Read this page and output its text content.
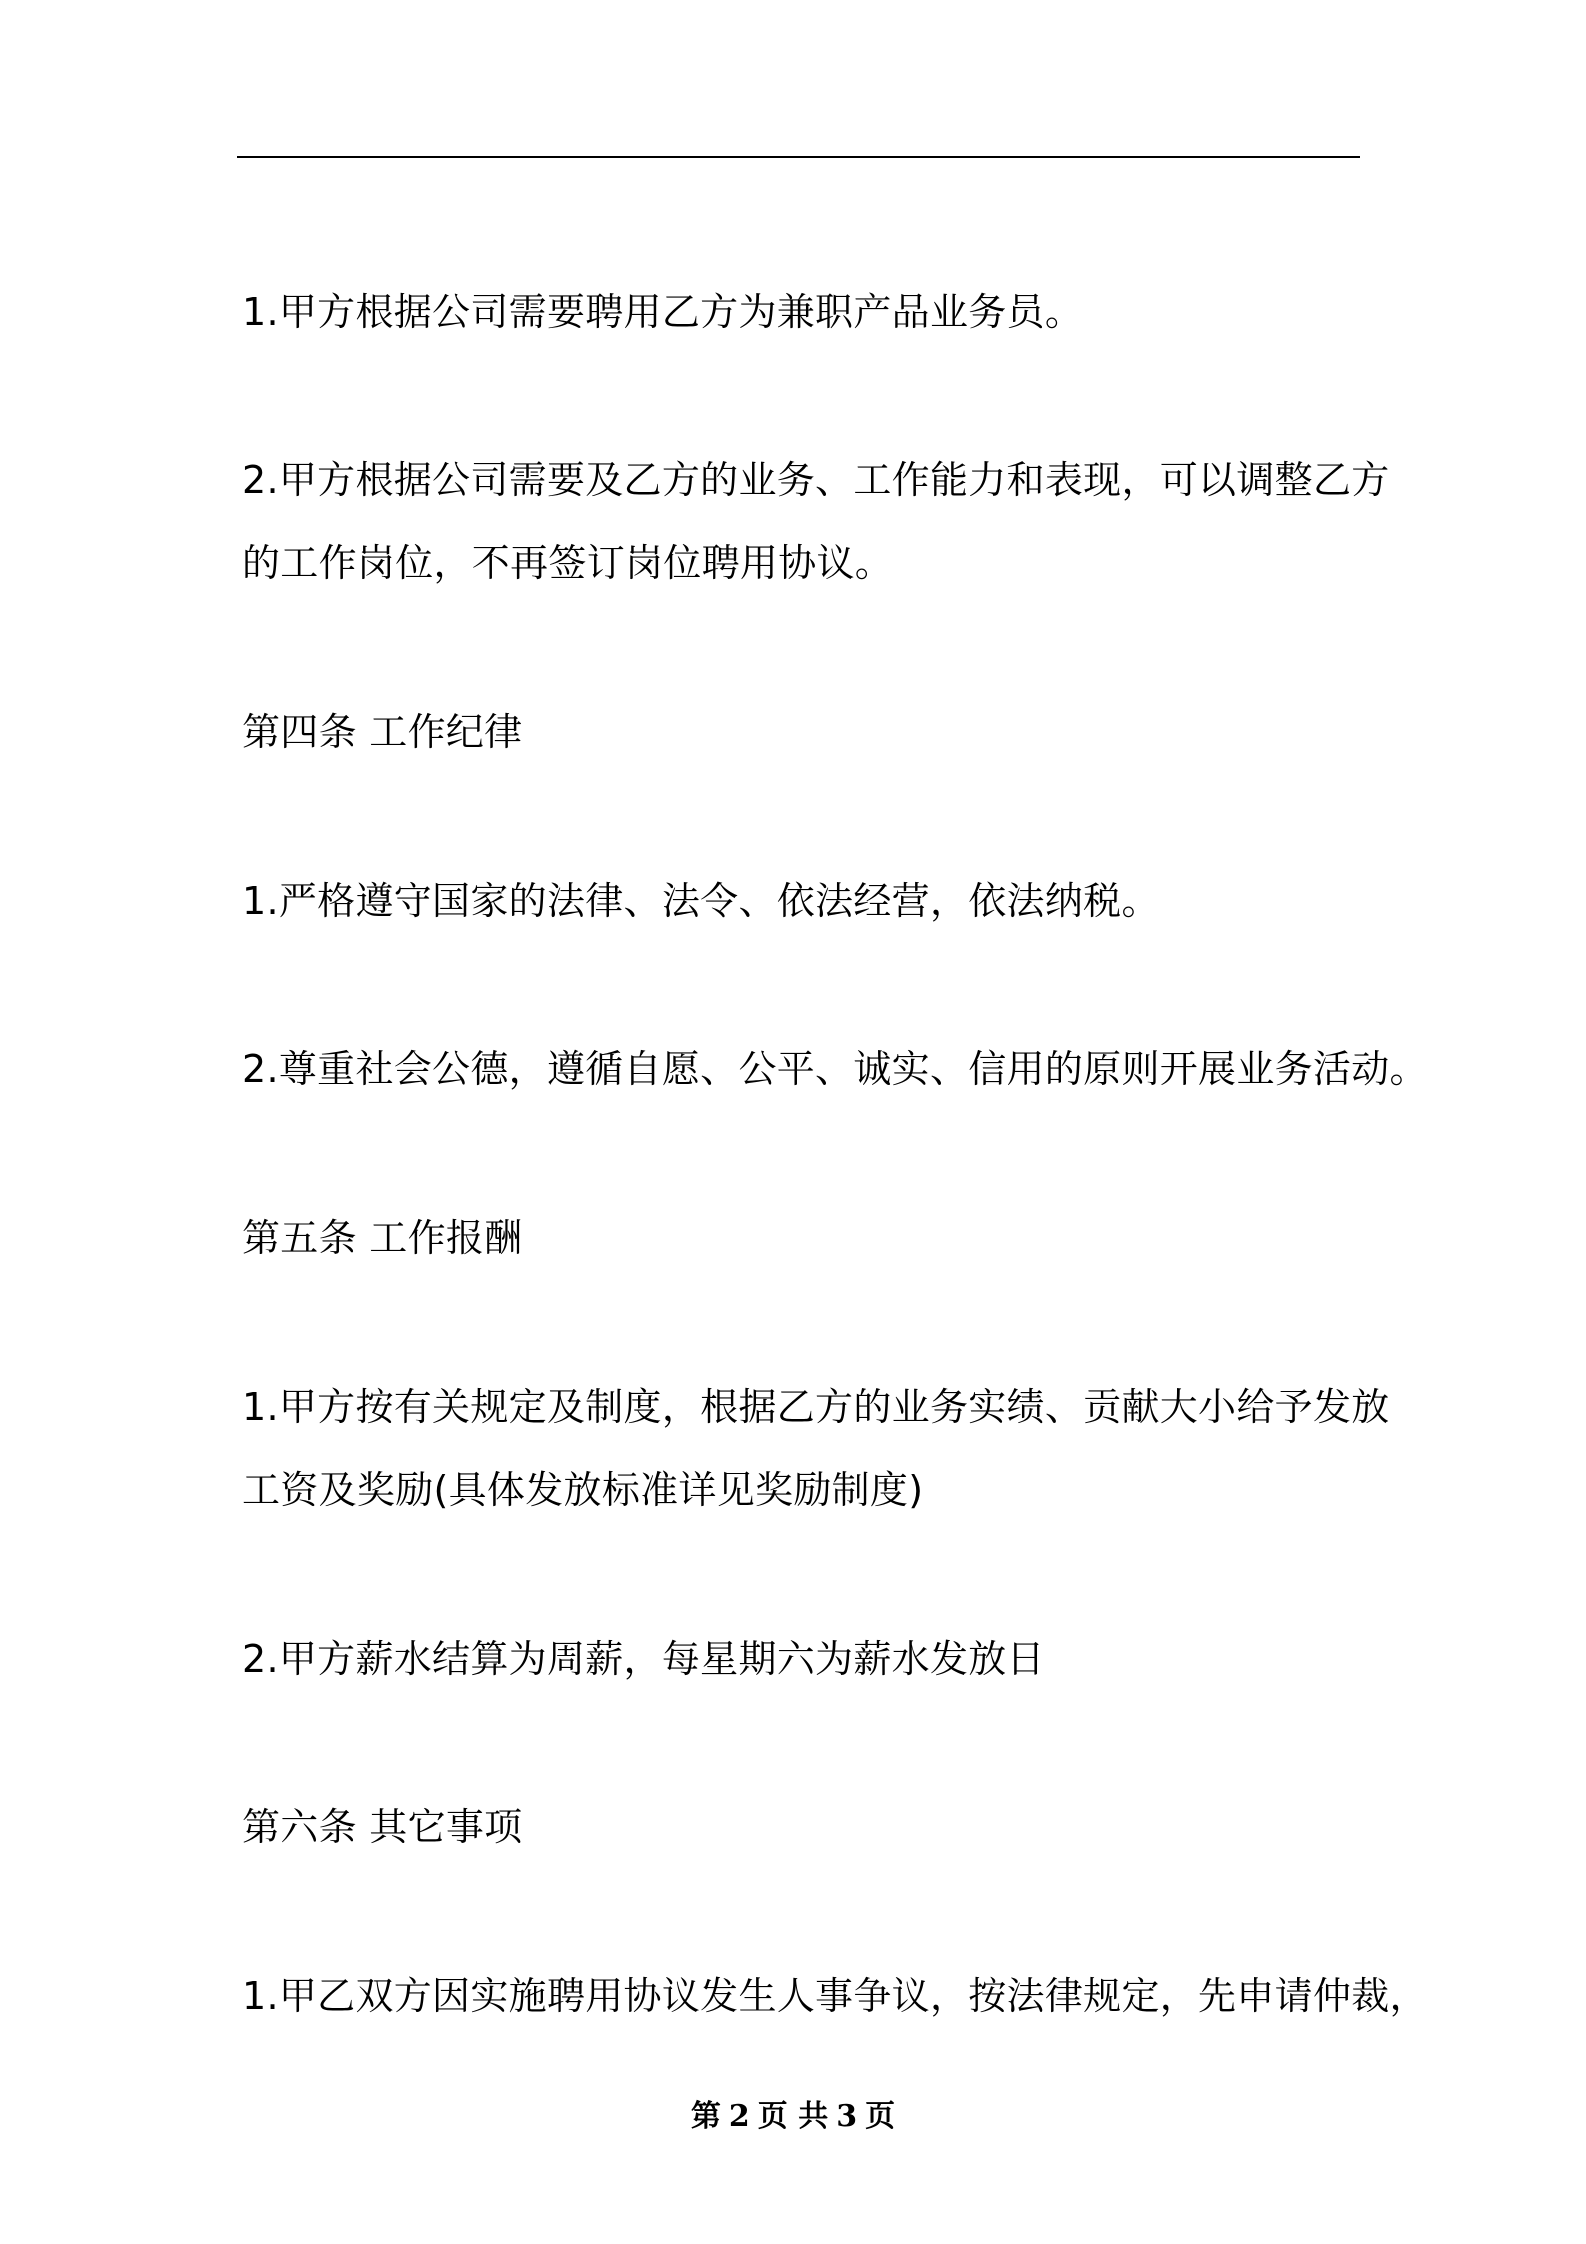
1.甲方根据公司需要聘用乙方为兼职产品业务员。
2.甲方根据公司需要及乙方的业务、工作能力和表现，可以调整乙方
的工作岗位，不再签订岗位聘用协议。
第四条 工作纪律
1.严格遵守国家的法律、法令、依法经营，依法纳税。
2.尊重社会公德，遵循自愿、公平、诚实、信用的原则开展业务活动。
第五条 工作报酬
1.甲方按有关规定及制度，根据乙方的业务实绩、贡献大小给予发放
工资及奖励(具体发放标准详见奖励制度)
2.甲方薪水结算为周薪，每星期六为薪水发放日
第六条 其它事项
1.甲乙双方因实施聘用协议发生人事争议，按法律规定，先申请仲裁，
第 2 页 共 3 页
